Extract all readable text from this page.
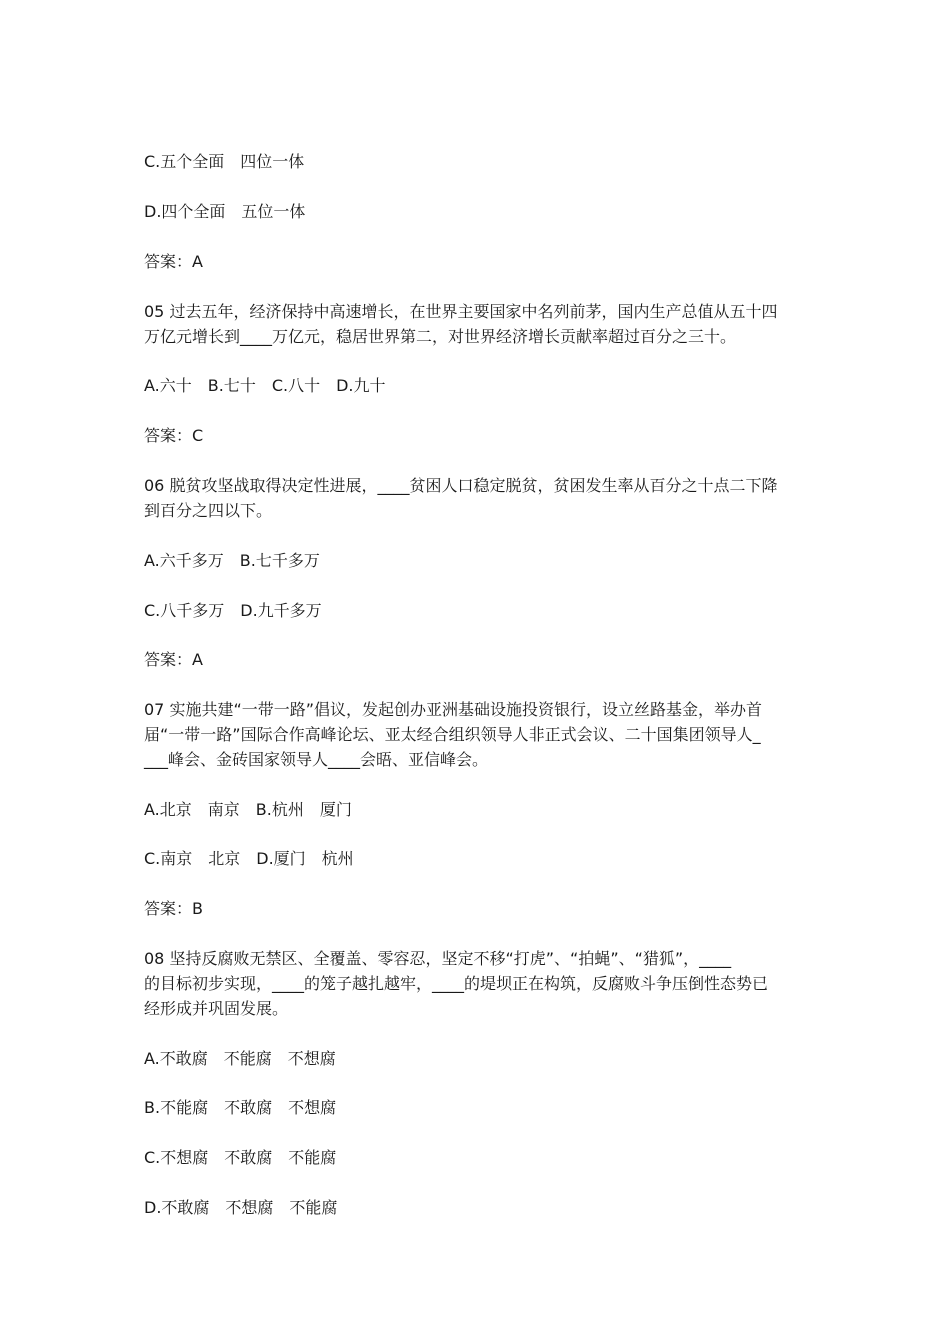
C.五个全面　四位一体
D.四个全面　五位一体
答案：A
05 过去五年，经济保持中高速增长，在世界主要国家中名列前茅，国内生产总值从五十四
万亿元增长到____万亿元，稳居世界第二，对世界经济增长贡献率超过百分之三十。
A.六十　B.七十　C.八十　D.九十
答案：C
06 脱贫攻坚战取得决定性进展，____贫困人口稳定脱贫，贫困发生率从百分之十点二下降
到百分之四以下。
A.六千多万　B.七千多万
C.八千多万　D.九千多万
答案：A
07 实施共建“一带一路”倡议，发起创办亚洲基础设施投资银行，设立丝路基金，举办首
届“一带一路”国际合作高峰论坛、亚太经合组织领导人非正式会议、二十国集团领导人_
___峰会、金砖国家领导人____会晤、亚信峰会。
A.北京　南京　B.杭州　厦门
C.南京　北京　D.厦门　杭州
答案：B
08 坚持反腐败无禁区、全覆盖、零容忍，坚定不移“打虎”、“拍蝇”、“猎狐”，____
的目标初步实现，____的笼子越扎越牢，____的堤坝正在构筑，反腐败斗争压倒性态势已
经形成并巩固发展。
A.不敢腐　不能腐　不想腐
B.不能腐　不敢腐　不想腐
C.不想腐　不敢腐　不能腐
D.不敢腐　不想腐　不能腐
